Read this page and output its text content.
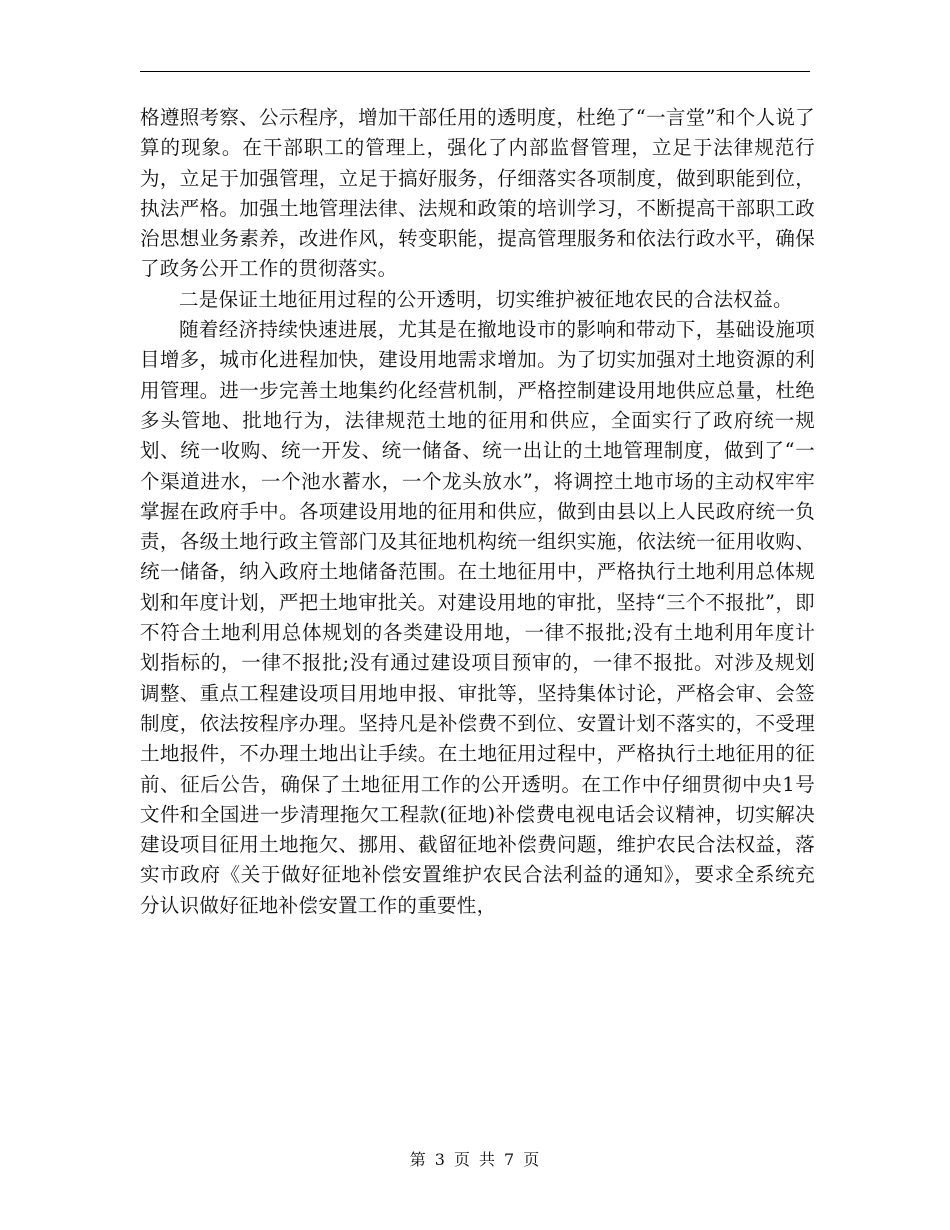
格遵照考察、公示程序，增加干部任用的透明度，杜绝了“一言堂”和个人说了算的现象。在干部职工的管理上，强化了内部监督管理，立足于法律规范行为，立足于加强管理，立足于搞好服务，仔细落实各项制度，做到职能到位，执法严格。加强土地管理法律、法规和政策的培训学习，不断提高干部职工政治思想业务素养，改进作风，转变职能，提高管理服务和依法行政水平，确保了政务公开工作的贯彻落实。

二是保证土地征用过程的公开透明，切实维护被征地农民的合法权益。

随着经济持续快速进展，尤其是在撤地设市的影响和带动下，基础设施项目增多，城市化进程加快，建设用地需求增加。为了切实加强对土地资源的利用管理。进一步完善土地集约化经营机制，严格控制建设用地供应总量，杜绝多头管地、批地行为，法律规范土地的征用和供应，全面实行了政府统一规划、统一收购、统一开发、统一储备、统一出让的土地管理制度，做到了“一个渠道进水，一个池水蓄水，一个龙头放水”，将调控土地市场的主动权牢牢掌握在政府手中。各项建设用地的征用和供应，做到由县以上人民政府统一负责，各级土地行政主管部门及其征地机构统一组织实施，依法统一征用收购、统一储备，纳入政府土地储备范围。在土地征用中，严格执行土地利用总体规划和年度计划，严把土地审批关。对建设用地的审批，坚持“三个不报批”，即不符合土地利用总体规划的各类建设用地，一律不报批;没有土地利用年度计划指标的，一律不报批;没有通过建设项目预审的，一律不报批。对涉及规划调整、重点工程建设项目用地申报、审批等，坚持集体讨论，严格会审、会签制度，依法按程序办理。坚持凡是补偿费不到位、安置计划不落实的，不受理土地报件，不办理土地出让手续。在土地征用过程中，严格执行土地征用的征前、征后公告，确保了土地征用工作的公开透明。在工作中仔细贯彻中央1号文件和全国进一步清理拖欠工程款(征地)补偿费电视电话会议精神，切实解决建设项目征用土地拖欠、挪用、截留征地补偿费问题，维护农民合法权益，落实市政府《关于做好征地补偿安置维护农民合法利益的通知》，要求全系统充分认识做好征地补偿安置工作的重要性，

第 3 页 共 7 页
